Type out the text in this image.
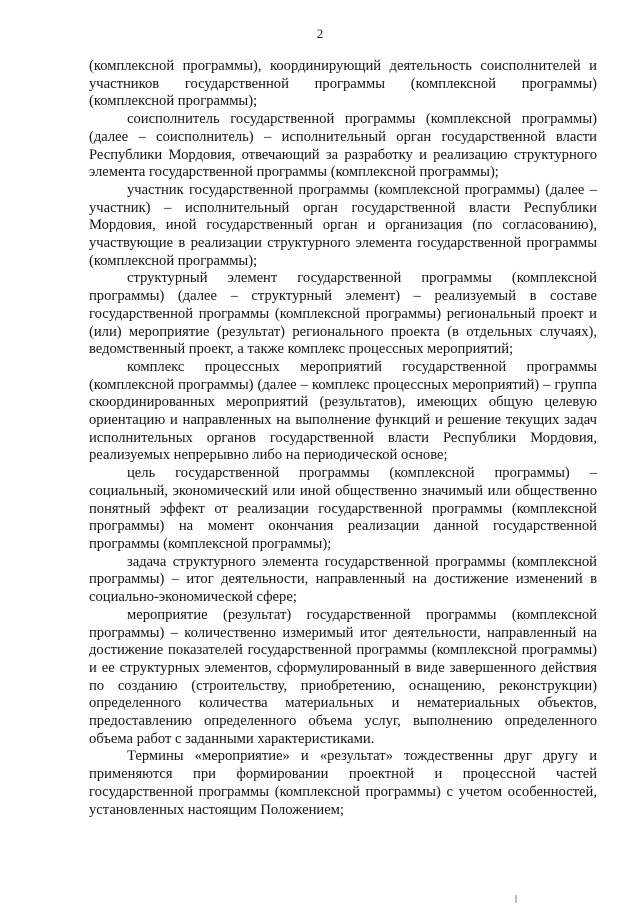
2

(комплексной программы), координирующий деятельность соисполнителей и участников государственной программы (комплексной программы) (комплексной программы);

соисполнитель государственной программы (комплексной программы) (далее – соисполнитель) – исполнительный орган государственной власти Республики Мордовия, отвечающий за разработку и реализацию структурного элемента государственной программы (комплексной программы);

участник государственной программы (комплексной программы) (далее – участник) – исполнительный орган государственной власти Республики Мордовия, иной государственный орган и организация (по согласованию), участвующие в реализации структурного элемента государственной программы (комплексной программы);

структурный элемент государственной программы (комплексной программы) (далее – структурный элемент) – реализуемый в составе государственной программы (комплексной программы) региональный проект и (или) мероприятие (результат) регионального проекта (в отдельных случаях), ведомственный проект, а также комплекс процессных мероприятий;

комплекс процессных мероприятий государственной программы (комплексной программы) (далее – комплекс процессных мероприятий) – группа скоординированных мероприятий (результатов), имеющих общую целевую ориентацию и направленных на выполнение функций и решение текущих задач исполнительных органов государственной власти Республики Мордовия, реализуемых непрерывно либо на периодической основе;

цель государственной программы (комплексной программы) – социальный, экономический или иной общественно значимый или общественно понятный эффект от реализации государственной программы (комплексной программы) на момент окончания реализации данной государственной программы (комплексной программы);

задача структурного элемента государственной программы (комплексной программы) – итог деятельности, направленный на достижение изменений в социально-экономической сфере;

мероприятие (результат) государственной программы (комплексной программы) – количественно измеримый итог деятельности, направленный на достижение показателей государственной программы (комплексной программы) и ее структурных элементов, сформулированный в виде завершенного действия по созданию (строительству, приобретению, оснащению, реконструкции) определенного количества материальных и нематериальных объектов, предоставлению определенного объема услуг, выполнению определенного объема работ с заданными характеристиками.

Термины «мероприятие» и «результат» тождественны друг другу и применяются при формировании проектной и процессной частей государственной программы (комплексной программы) с учетом особенностей, установленных настоящим Положением;
